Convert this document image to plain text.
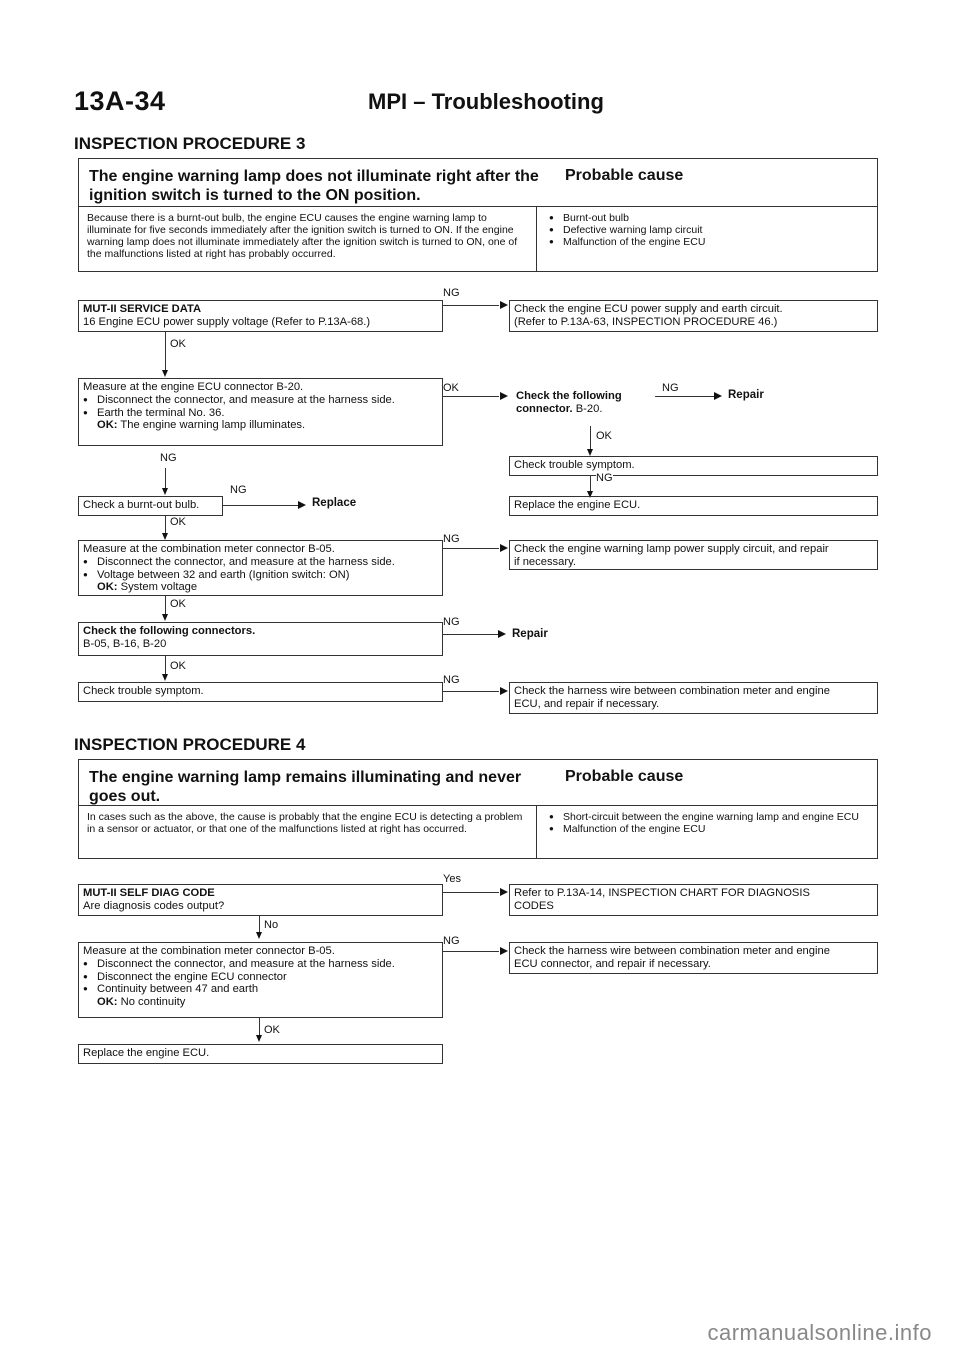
13A-34	MPI – Troubleshooting
INSPECTION PROCEDURE 3
The engine warning lamp does not illuminate right after the ignition switch is turned to the ON position.
Probable cause
Because there is a burnt-out bulb, the engine ECU causes the engine warning lamp to illuminate for five seconds immediately after the ignition switch is turned to ON. If the engine warning lamp does not illuminate immediately after the ignition switch is turned to ON, one of the malfunctions listed at right has probably occurred.
● Burnt-out bulb
● Defective warning lamp circuit
● Malfunction of the engine ECU
MUT-II SERVICE DATA
16 Engine ECU power supply voltage (Refer to P.13A-68.)
NG
Check the engine ECU power supply and earth circuit.
(Refer to P.13A-63, INSPECTION PROCEDURE 46.)
OK
Measure at the engine ECU connector B-20.
● Disconnect the connector, and measure at the harness side.
● Earth the terminal No. 36.
OK: The engine warning lamp illuminates.
OK
Check the following connector. B-20.
NG
Repair
OK
Check trouble symptom.
NG
Replace the engine ECU.
NG
Check a burnt-out bulb.
NG
Replace
OK
Measure at the combination meter connector B-05.
● Disconnect the connector, and measure at the harness side.
● Voltage between 32 and earth (Ignition switch: ON)
OK: System voltage
NG
Check the engine warning lamp power supply circuit, and repair
if necessary.
OK
Check the following connectors.
B-05, B-16, B-20
NG
Repair
OK
Check trouble symptom.
NG
Check the harness wire between combination meter and engine
ECU, and repair if necessary.
INSPECTION PROCEDURE 4
The engine warning lamp remains illuminating and never goes out.
Probable cause
In cases such as the above, the cause is probably that the engine ECU is detecting a problem in a sensor or actuator, or that one of the malfunctions listed at right has occurred.
● Short-circuit between the engine warning lamp and engine ECU
● Malfunction of the engine ECU
MUT-II SELF DIAG CODE
Are diagnosis codes output?
Yes
Refer to P.13A-14, INSPECTION CHART FOR DIAGNOSIS
CODES
No
Measure at the combination meter connector B-05.
● Disconnect the connector, and measure at the harness side.
● Disconnect the engine ECU connector
● Continuity between 47 and earth
OK: No continuity
NG
Check the harness wire between combination meter and engine
ECU connector, and repair if necessary.
OK
Replace the engine ECU.
carmanualsonline.info
